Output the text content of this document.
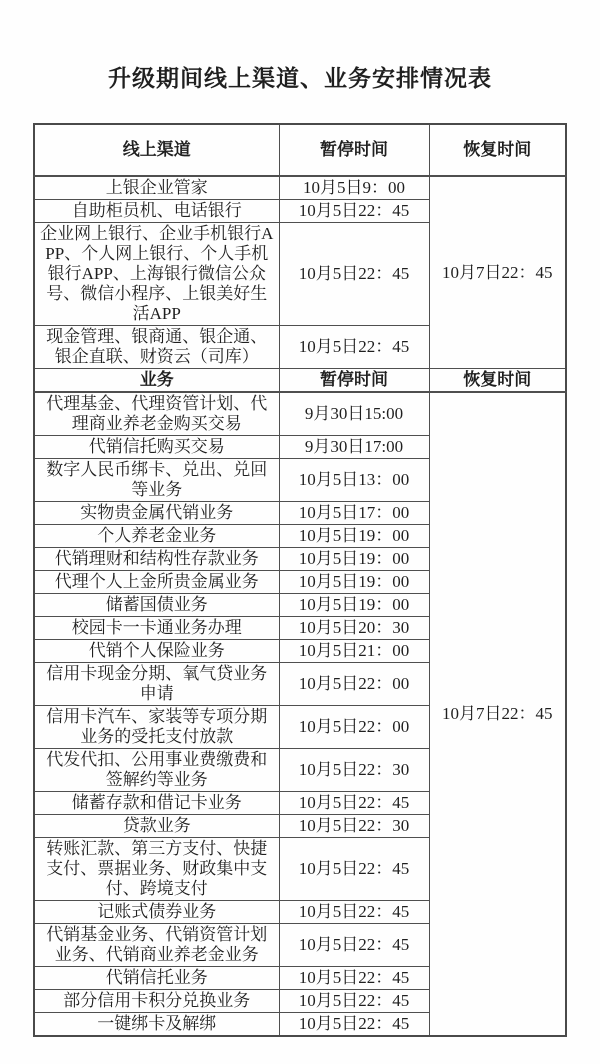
升级期间线上渠道、业务安排情况表
线上渠道	暂停时间	恢复时间
上银企业管家	10月5日9：00	10月7日22：45
自助柜员机、电话银行	10月5日22：45	
企业网上银行、企业手机银行APP、个人网上银行、个人手机银行APP、上海银行微信公众号、微信小程序、上银美好生活APP	10月5日22：45	
现金管理、银商通、银企通、银企直联、财资云（司库）	10月5日22：45	
业务	暂停时间	恢复时间
代理基金、代理资管计划、代理商业养老金购买交易	9月30日15:00	10月7日22：45
代销信托购买交易	9月30日17:00	
数字人民币绑卡、兑出、兑回等业务	10月5日13：00	
实物贵金属代销业务	10月5日17：00	
个人养老金业务	10月5日19：00	
代销理财和结构性存款业务	10月5日19：00	
代理个人上金所贵金属业务	10月5日19：00	
储蓄国债业务	10月5日19：00	
校园卡一卡通业务办理	10月5日20：30	
代销个人保险业务	10月5日21：00	
信用卡现金分期、氧气贷业务申请	10月5日22：00	
信用卡汽车、家装等专项分期业务的受托支付放款	10月5日22：00	
代发代扣、公用事业费缴费和签解约等业务	10月5日22：30	
储蓄存款和借记卡业务	10月5日22：45	
贷款业务	10月5日22：30	
转账汇款、第三方支付、快捷支付、票据业务、财政集中支付、跨境支付	10月5日22：45	
记账式债券业务	10月5日22：45	
代销基金业务、代销资管计划业务、代销商业养老金业务	10月5日22：45	
代销信托业务	10月5日22：45	
部分信用卡积分兑换业务	10月5日22：45	
一键绑卡及解绑	10月5日22：45	
